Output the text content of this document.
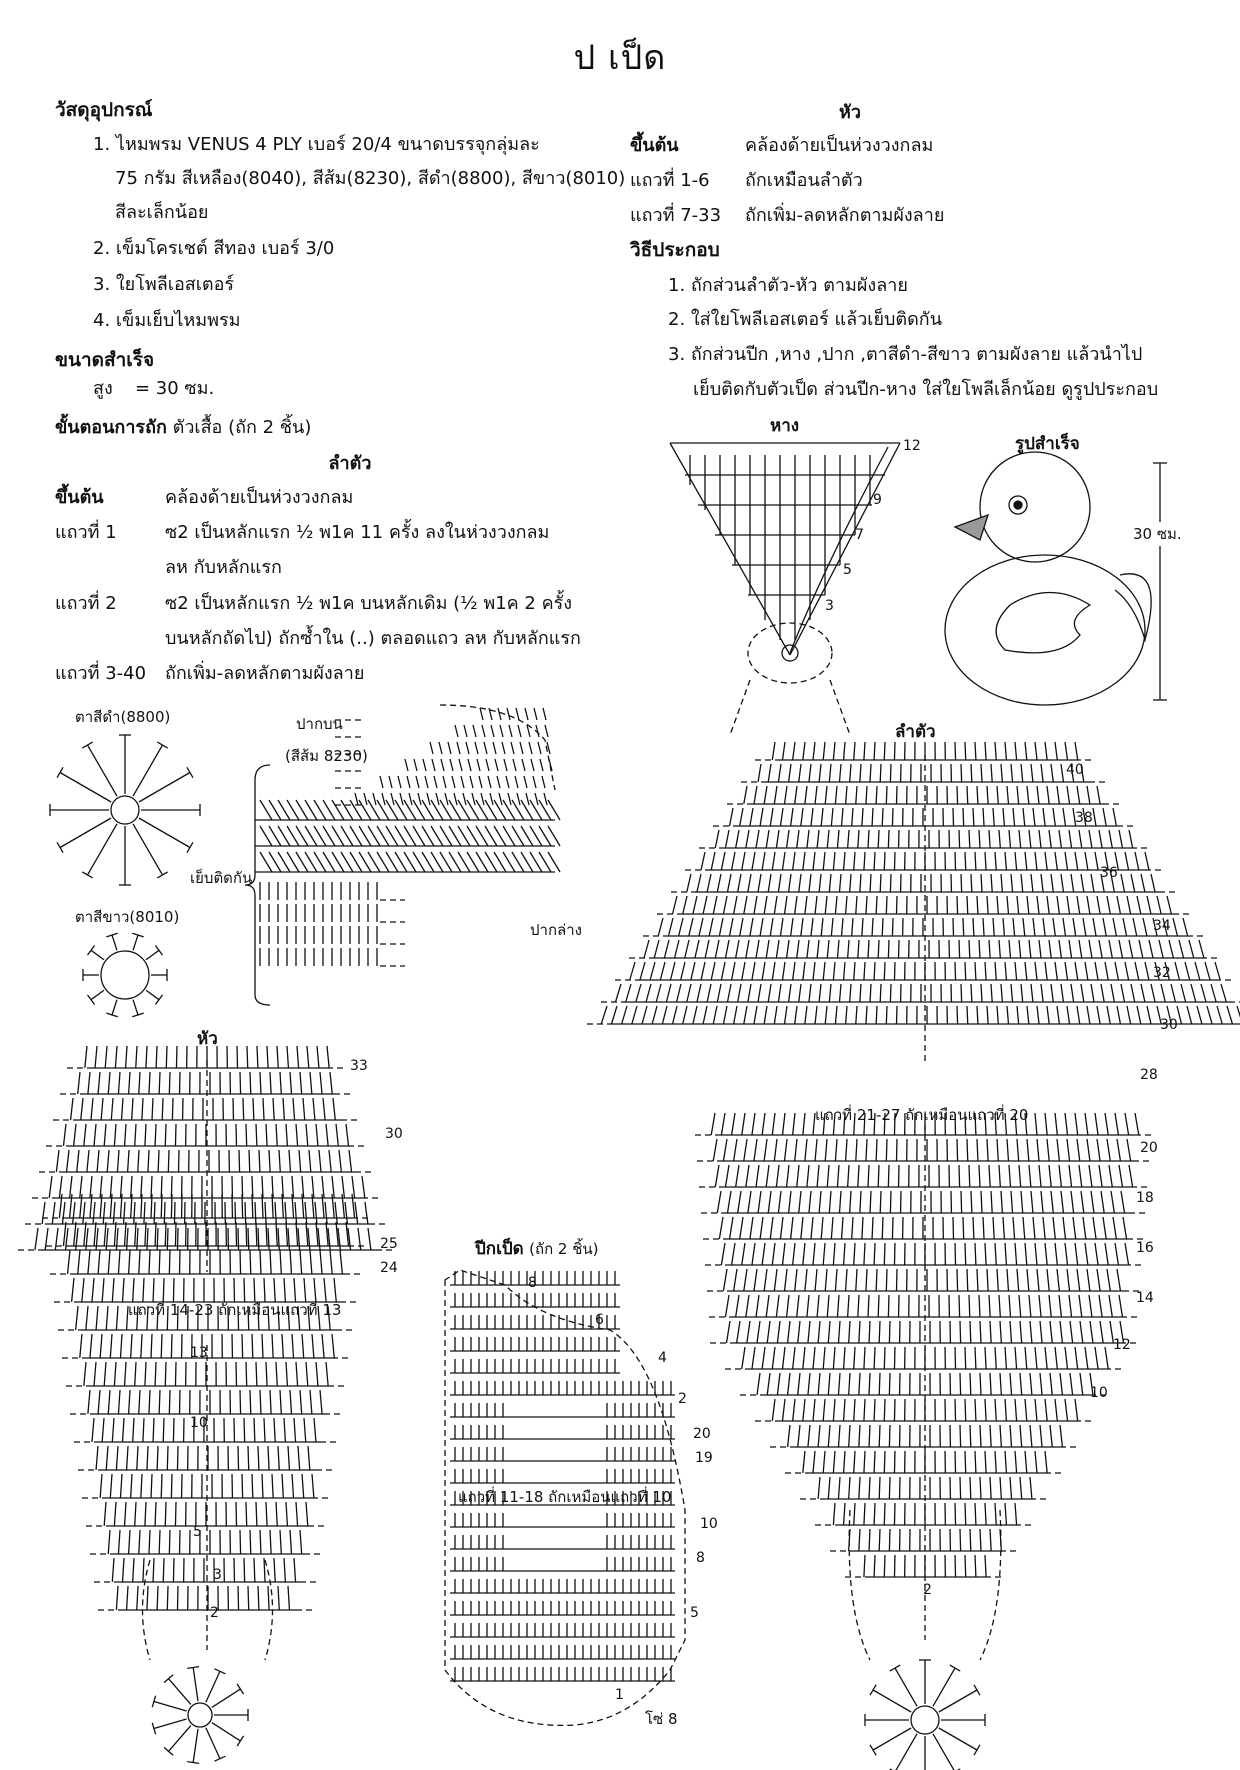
ป เป็ด
วัสดุอุปกรณ์
1. ไหมพรม VENUS 4 PLY เบอร์ 20/4 ขนาดบรรจุกลุ่มละ
75 กรัม สีเหลือง(8040), สีส้ม(8230), สีดำ(8800), สีขาว(8010)
สีละเล็กน้อย
2. เข็มโครเชต์ สีทอง เบอร์ 3/0
3. ใยโพลีเอสเตอร์
4. เข็มเย็บไหมพรม
ขนาดสำเร็จ
สูง = 30 ซม.
ขั้นตอนการถัก ตัวเสื้อ (ถัก 2 ชิ้น)
ลำตัว
ขึ้นต้น	คล้องด้ายเป็นห่วงวงกลม
แถวที่ 1	ซ2 เป็นหลักแรก ½ พ1ค 11 ครั้ง ลงในห่วงวงกลม
ลห กับหลักแรก
แถวที่ 2	ซ2 เป็นหลักแรก ½ พ1ค บนหลักเดิม (½ พ1ค 2 ครั้ง
บนหลักถัดไป) ถักซ้ำใน (..) ตลอดแถว ลห กับหลักแรก
แถวที่ 3-40 ถักเพิ่ม-ลดหลักตามผังลาย
หัว
ขึ้นต้น	คล้องด้ายเป็นห่วงวงกลม
แถวที่ 1-6 ถักเหมือนลำตัว
แถวที่ 7-33 ถักเพิ่ม-ลดหลักตามผังลาย
วิธีประกอบ
1. ถักส่วนลำตัว-หัว ตามผังลาย
2. ใส่ใยโพลีเอสเตอร์ แล้วเย็บติดกัน
3. ถักส่วนปีก ,หาง ,ปาก ,ตาสีดำ-สีขาว ตามผังลาย แล้วนำไป
เย็บติดกับตัวเป็ด ส่วนปีก-หาง ใส่ใยโพลีเล็กน้อย ดูรูปประกอบ
หาง
12
9
7
5
3
รูปสำเร็จ
30 ซม.
ตาสีดำ(8800)
ตาสีขาว(8010)
ปากบน
(สีส้ม 8230)
เย็บติดกัน
ปากล่าง
ลำตัว
40
38
36
34
32
30
28
แถวที่ 21-27 ถักเหมือนแถวที่ 20
20
18
16
14
12
10
2
หัว
33
30
25
24
แถวที่ 14-23 ถักเหมือนแถวที่ 13
13
10
5
3
2
ปีกเป็ด (ถัก 2 ชิ้น)
8
6
4
2
20
19
แถวที่ 11-18 ถักเหมือนแถวที่ 10
10
8
5
1
โซ่ 8
